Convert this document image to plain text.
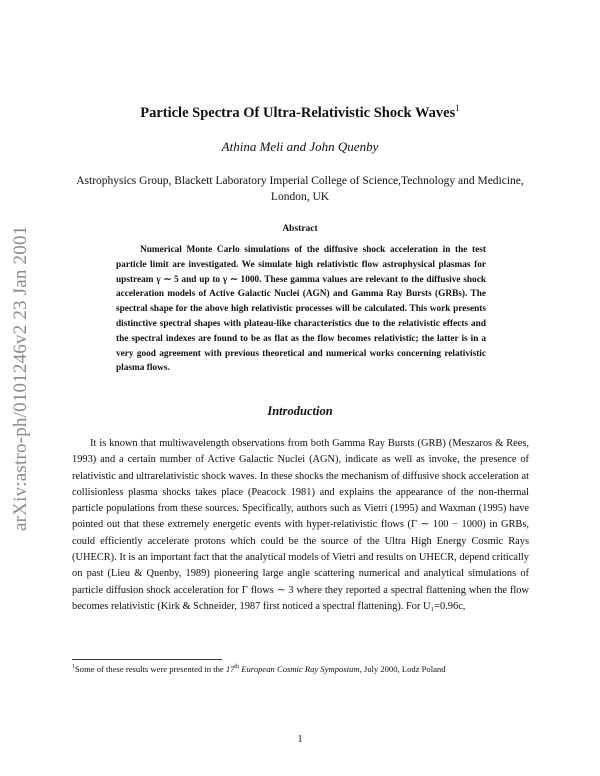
arXiv:astro-ph/0101246v2 23 Jan 2001
Particle Spectra Of Ultra-Relativistic Shock Waves$^1$
Athina Meli and John Quenby
Astrophysics Group, Blackett Laboratory Imperial College of Science,Technology and Medicine, London, UK
Abstract
Numerical Monte Carlo simulations of the diffusive shock acceleration in the test particle limit are investigated. We simulate high relativistic flow astrophysical plasmas for upstream γ ∼ 5 and up to γ ∼ 1000. These gamma values are relevant to the diffusive shock acceleration models of Active Galactic Nuclei (AGN) and Gamma Ray Bursts (GRBs). The spectral shape for the above high relativistic processes will be calculated. This work presents distinctive spectral shapes with plateau-like characteristics due to the relativistic effects and the spectral indexes are found to be as flat as the flow becomes relativistic; the latter is in a very good agreement with previous theoretical and numerical works concerning relativistic plasma flows.
Introduction
It is known that multiwavelength observations from both Gamma Ray Bursts (GRB) (Meszaros & Rees, 1993) and a certain number of Active Galactic Nuclei (AGN), indicate as well as invoke, the presence of relativistic and ultrarelativistic shock waves. In these shocks the mechanism of diffusive shock acceleration at collisionless plasma shocks takes place (Peacock 1981) and explains the appearance of the non-thermal particle populations from these sources. Specifically, authors such as Vietri (1995) and Waxman (1995) have pointed out that these extremely energetic events with hyper-relativistic flows (Γ ∼ 100 − 1000) in GRBs, could efficiently accelerate protons which could be the source of the Ultra High Energy Cosmic Rays (UHECR). It is an important fact that the analytical models of Vietri and results on UHECR, depend critically on past (Lieu & Quenby, 1989) pioneering large angle scattering numerical and analytical simulations of particle diffusion shock acceleration for Γ flows ∼ 3 where they reported a spectral flattening when the flow becomes relativistic (Kirk & Schneider, 1987 first noticed a spectral flattening). For U₁=0.96c,
$^1$Some of these results were presented in the 17th European Cosmic Ray Symposium, July 2000, Lodz Poland
1
